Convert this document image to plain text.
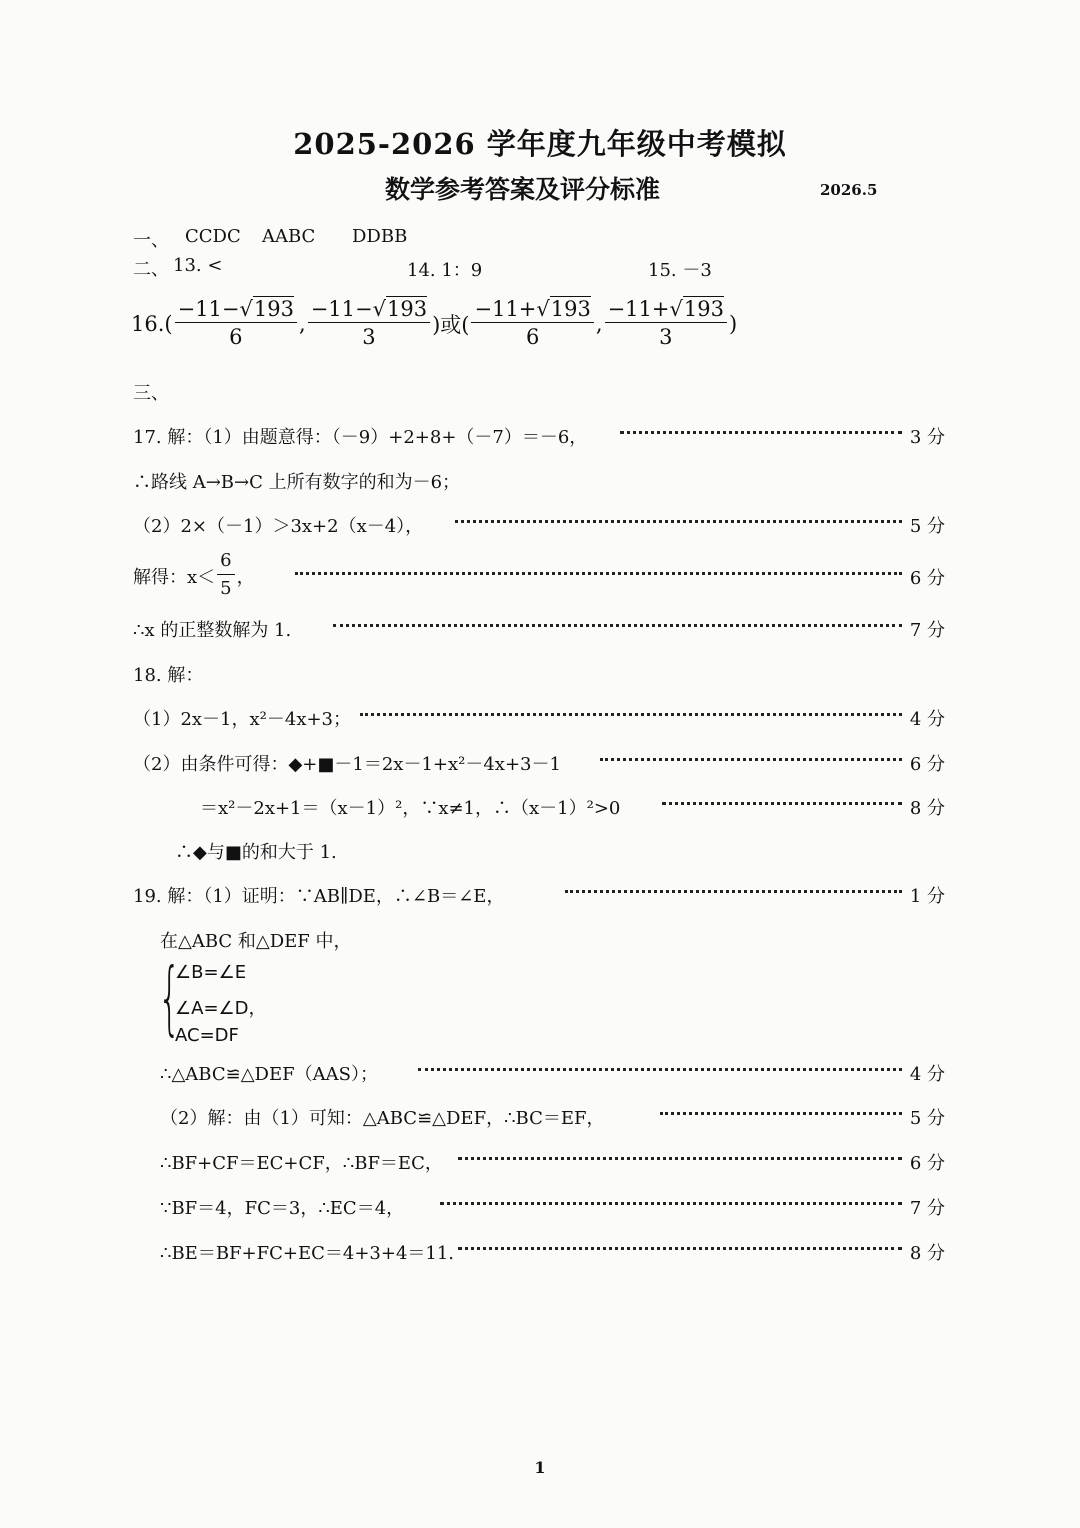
2025-2026 学年度九年级中考模拟
数学参考答案及评分标准	2026.5
一、 CCDC AABC DDBB
二、 13. <	14. 1：9	15. －3
$16.( \frac{-11-√193}{6}$ , $\frac{-11-√193}{3}$ )或( $\frac{-11+√193}{6}$ , $\frac{-11+√193}{3}$ )
三、
17. 解：（1）由题意得：（－9）+2+8+（－7）＝－6，	3 分
∴路线 A→B→C 上所有数字的和为－6；
（2）2×（－1）＞3x+2（x－4），	5 分
解得：$x< \frac{6}{5}$ ，	6 分
∴x 的正整数解为 1.	7 分
18. 解：
（1）2x－1，x²－4x+3；	4 分
（2）由条件可得：◆+■－1＝2x－1+x²－4x+3－1	6 分
＝x²－2x+1＝（x－1）²，∵x≠1，∴（x－1）²>0	8 分
∴◆与■的和大于 1.
19. 解：（1）证明：∵AB∥DE，∴∠B＝∠E，	1 分
在△ABC 和△DEF 中，
{
∠B=∠E
∠A=∠D，
AC=DF
∴△ABC≌△DEF（AAS）；	4 分
（2）解：由（1）可知：△ABC≌△DEF，∴BC＝EF，	5 分
∴BF+CF＝EC+CF，∴BF＝EC，	6 分
∵BF＝4，FC＝3，∴EC＝4，	7 分
∴BE＝BF+FC+EC＝4+3+4＝11.	8 分
1
